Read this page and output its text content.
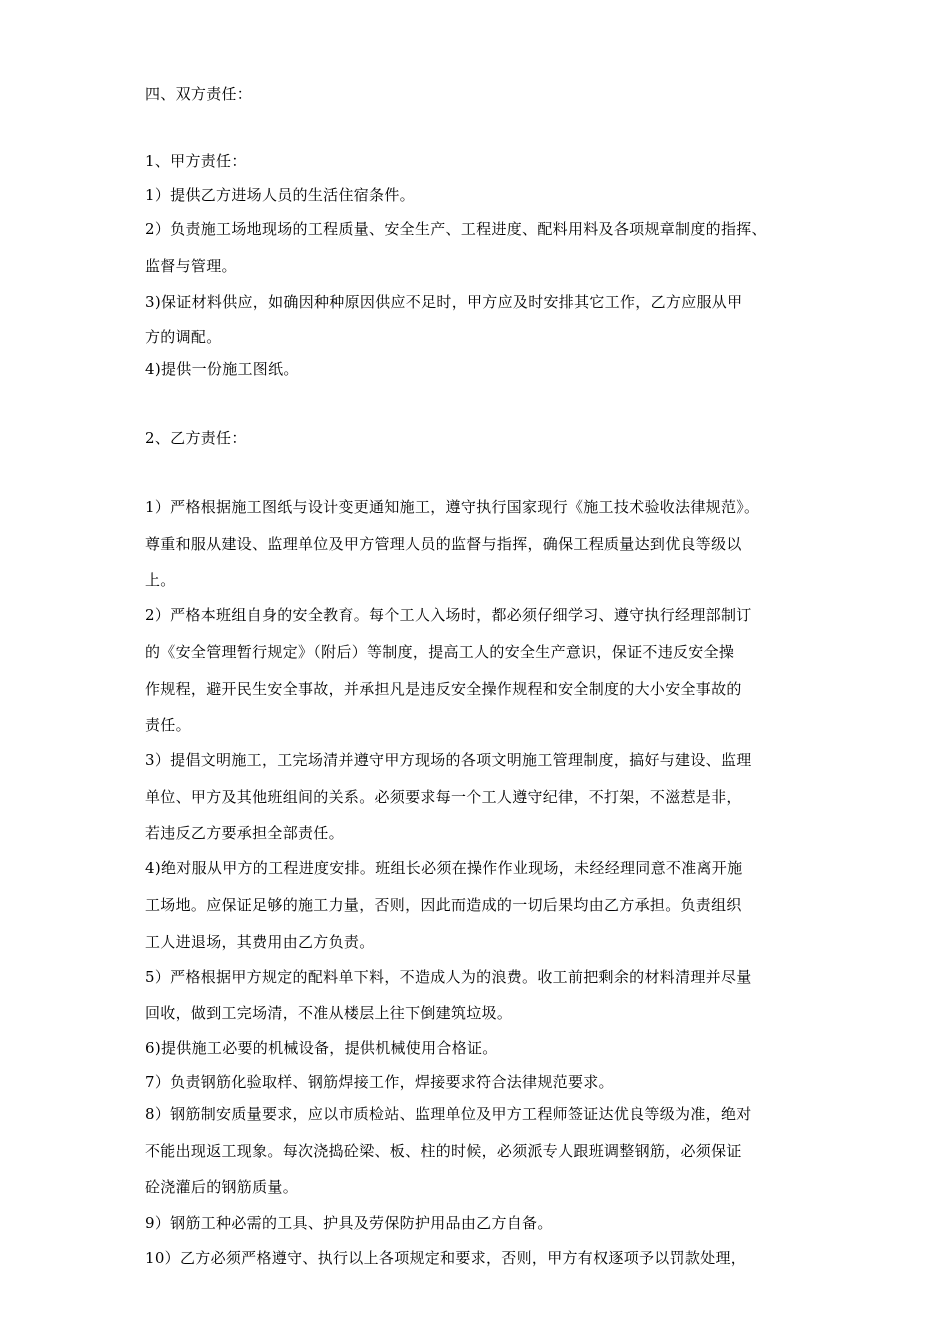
四、双方责任：

1、甲方责任：

1）提供乙方进场人员的生活住宿条件。

2）负责施工场地现场的工程质量、安全生产、工程进度、配料用料及各项规章制度的指挥、

监督与管理。

3)保证材料供应，如确因种种原因供应不足时，甲方应及时安排其它工作，乙方应服从甲

方的调配。

4)提供一份施工图纸。

2、乙方责任：

1）严格根据施工图纸与设计变更通知施工，遵守执行国家现行《施工技术验收法律规范》。

尊重和服从建设、监理单位及甲方管理人员的监督与指挥，确保工程质量达到优良等级以

上。

2）严格本班组自身的安全教育。每个工人入场时，都必须仔细学习、遵守执行经理部制订

的《安全管理暂行规定》（附后）等制度，提高工人的安全生产意识，保证不违反安全操

作规程，避开民生安全事故，并承担凡是违反安全操作规程和安全制度的大小安全事故的

责任。

3）提倡文明施工，工完场清并遵守甲方现场的各项文明施工管理制度，搞好与建设、监理

单位、甲方及其他班组间的关系。必须要求每一个工人遵守纪律，不打架，不滋惹是非，

若违反乙方要承担全部责任。

4)绝对服从甲方的工程进度安排。班组长必须在操作作业现场，未经经理同意不准离开施

工场地。应保证足够的施工力量，否则，因此而造成的一切后果均由乙方承担。负责组织

工人进退场，其费用由乙方负责。

5）严格根据甲方规定的配料单下料，不造成人为的浪费。收工前把剩余的材料清理并尽量

回收，做到工完场清，不准从楼层上往下倒建筑垃圾。

6)提供施工必要的机械设备，提供机械使用合格证。

7）负责钢筋化验取样、钢筋焊接工作，焊接要求符合法律规范要求。

8）钢筋制安质量要求，应以市质检站、监理单位及甲方工程师签证达优良等级为准，绝对

不能出现返工现象。每次浇捣砼梁、板、柱的时候，必须派专人跟班调整钢筋，必须保证

砼浇灌后的钢筋质量。

9）钢筋工种必需的工具、护具及劳保防护用品由乙方自备。

10）乙方必须严格遵守、执行以上各项规定和要求，否则，甲方有权逐项予以罚款处理，
